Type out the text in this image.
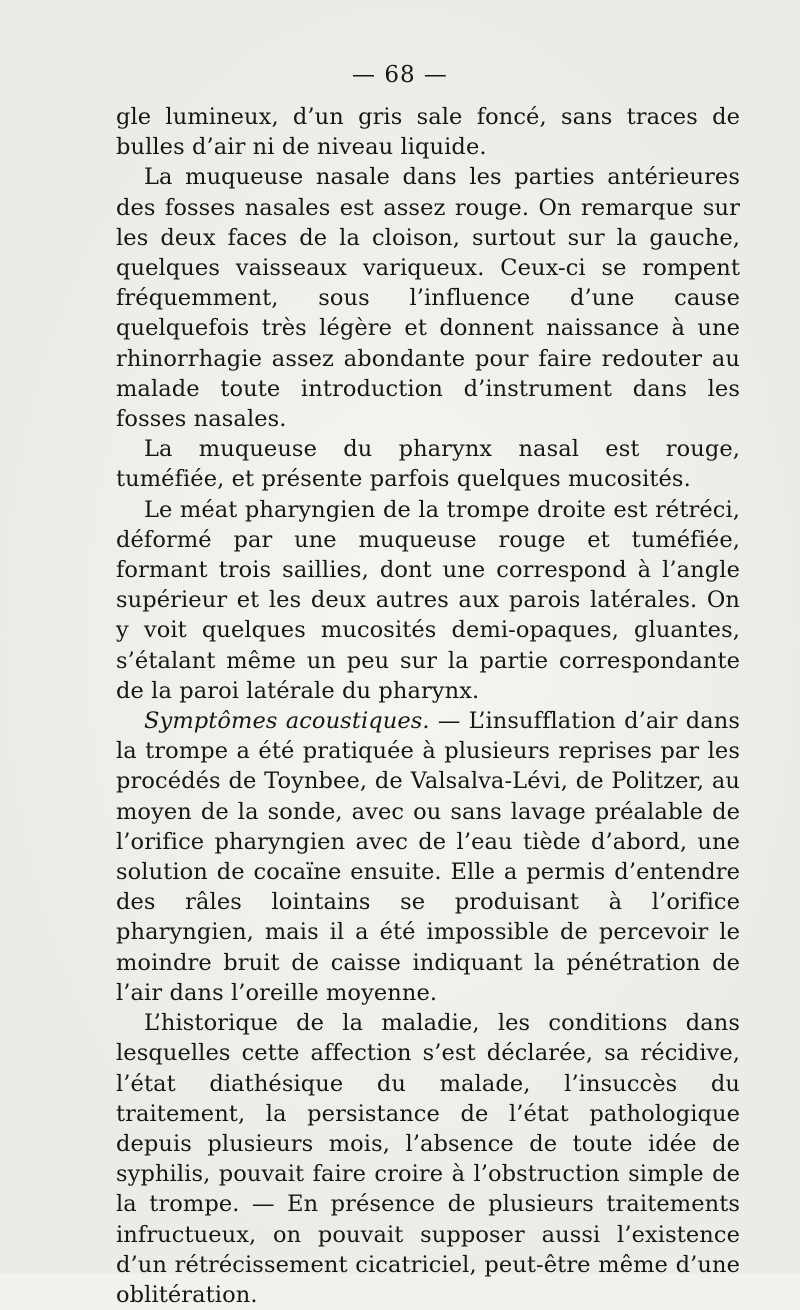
— 68 —

gle lumineux, d’un gris sale foncé, sans traces de bulles d’air ni de niveau liquide.

La muqueuse nasale dans les parties antérieures des fosses nasales est assez rouge. On remarque sur les deux faces de la cloison, surtout sur la gauche, quelques vaisseaux variqueux. Ceux-ci se rompent fréquemment, sous l’influence d’une cause quelquefois très légère et donnent naissance à une rhinorrhagie assez abondante pour faire redouter au malade toute introduction d’instrument dans les fosses nasales.

La muqueuse du pharynx nasal est rouge, tuméfiée, et présente parfois quelques mucosités.

Le méat pharyngien de la trompe droite est rétréci, déformé par une muqueuse rouge et tuméfiée, formant trois saillies, dont une correspond à l’angle supérieur et les deux autres aux parois latérales. On y voit quelques mucosités demi-opaques, gluantes, s’étalant même un peu sur la partie correspondante de la paroi latérale du pharynx.

Symptômes acoustiques. — L’insufflation d’air dans la trompe a été pratiquée à plusieurs reprises par les procédés de Toynbee, de Valsalva-Lévi, de Politzer, au moyen de la sonde, avec ou sans lavage préalable de l’orifice pharyngien avec de l’eau tiède d’abord, une solution de cocaïne ensuite. Elle a permis d’entendre des râles lointains se produisant à l’orifice pharyngien, mais il a été impossible de percevoir le moindre bruit de caisse indiquant la pénétration de l’air dans l’oreille moyenne.

L’historique de la maladie, les conditions dans lesquelles cette affection s’est déclarée, sa récidive, l’état diathésique du malade, l’insuccès du traitement, la persistance de l’état pathologique depuis plusieurs mois, l’absence de toute idée de syphilis, pouvait faire croire à l’obstruction simple de la trompe. — En présence de plusieurs traitements infructueux, on pouvait supposer aussi l’existence d’un rétrécissement cicatriciel, peut-être même d’une oblitération.
